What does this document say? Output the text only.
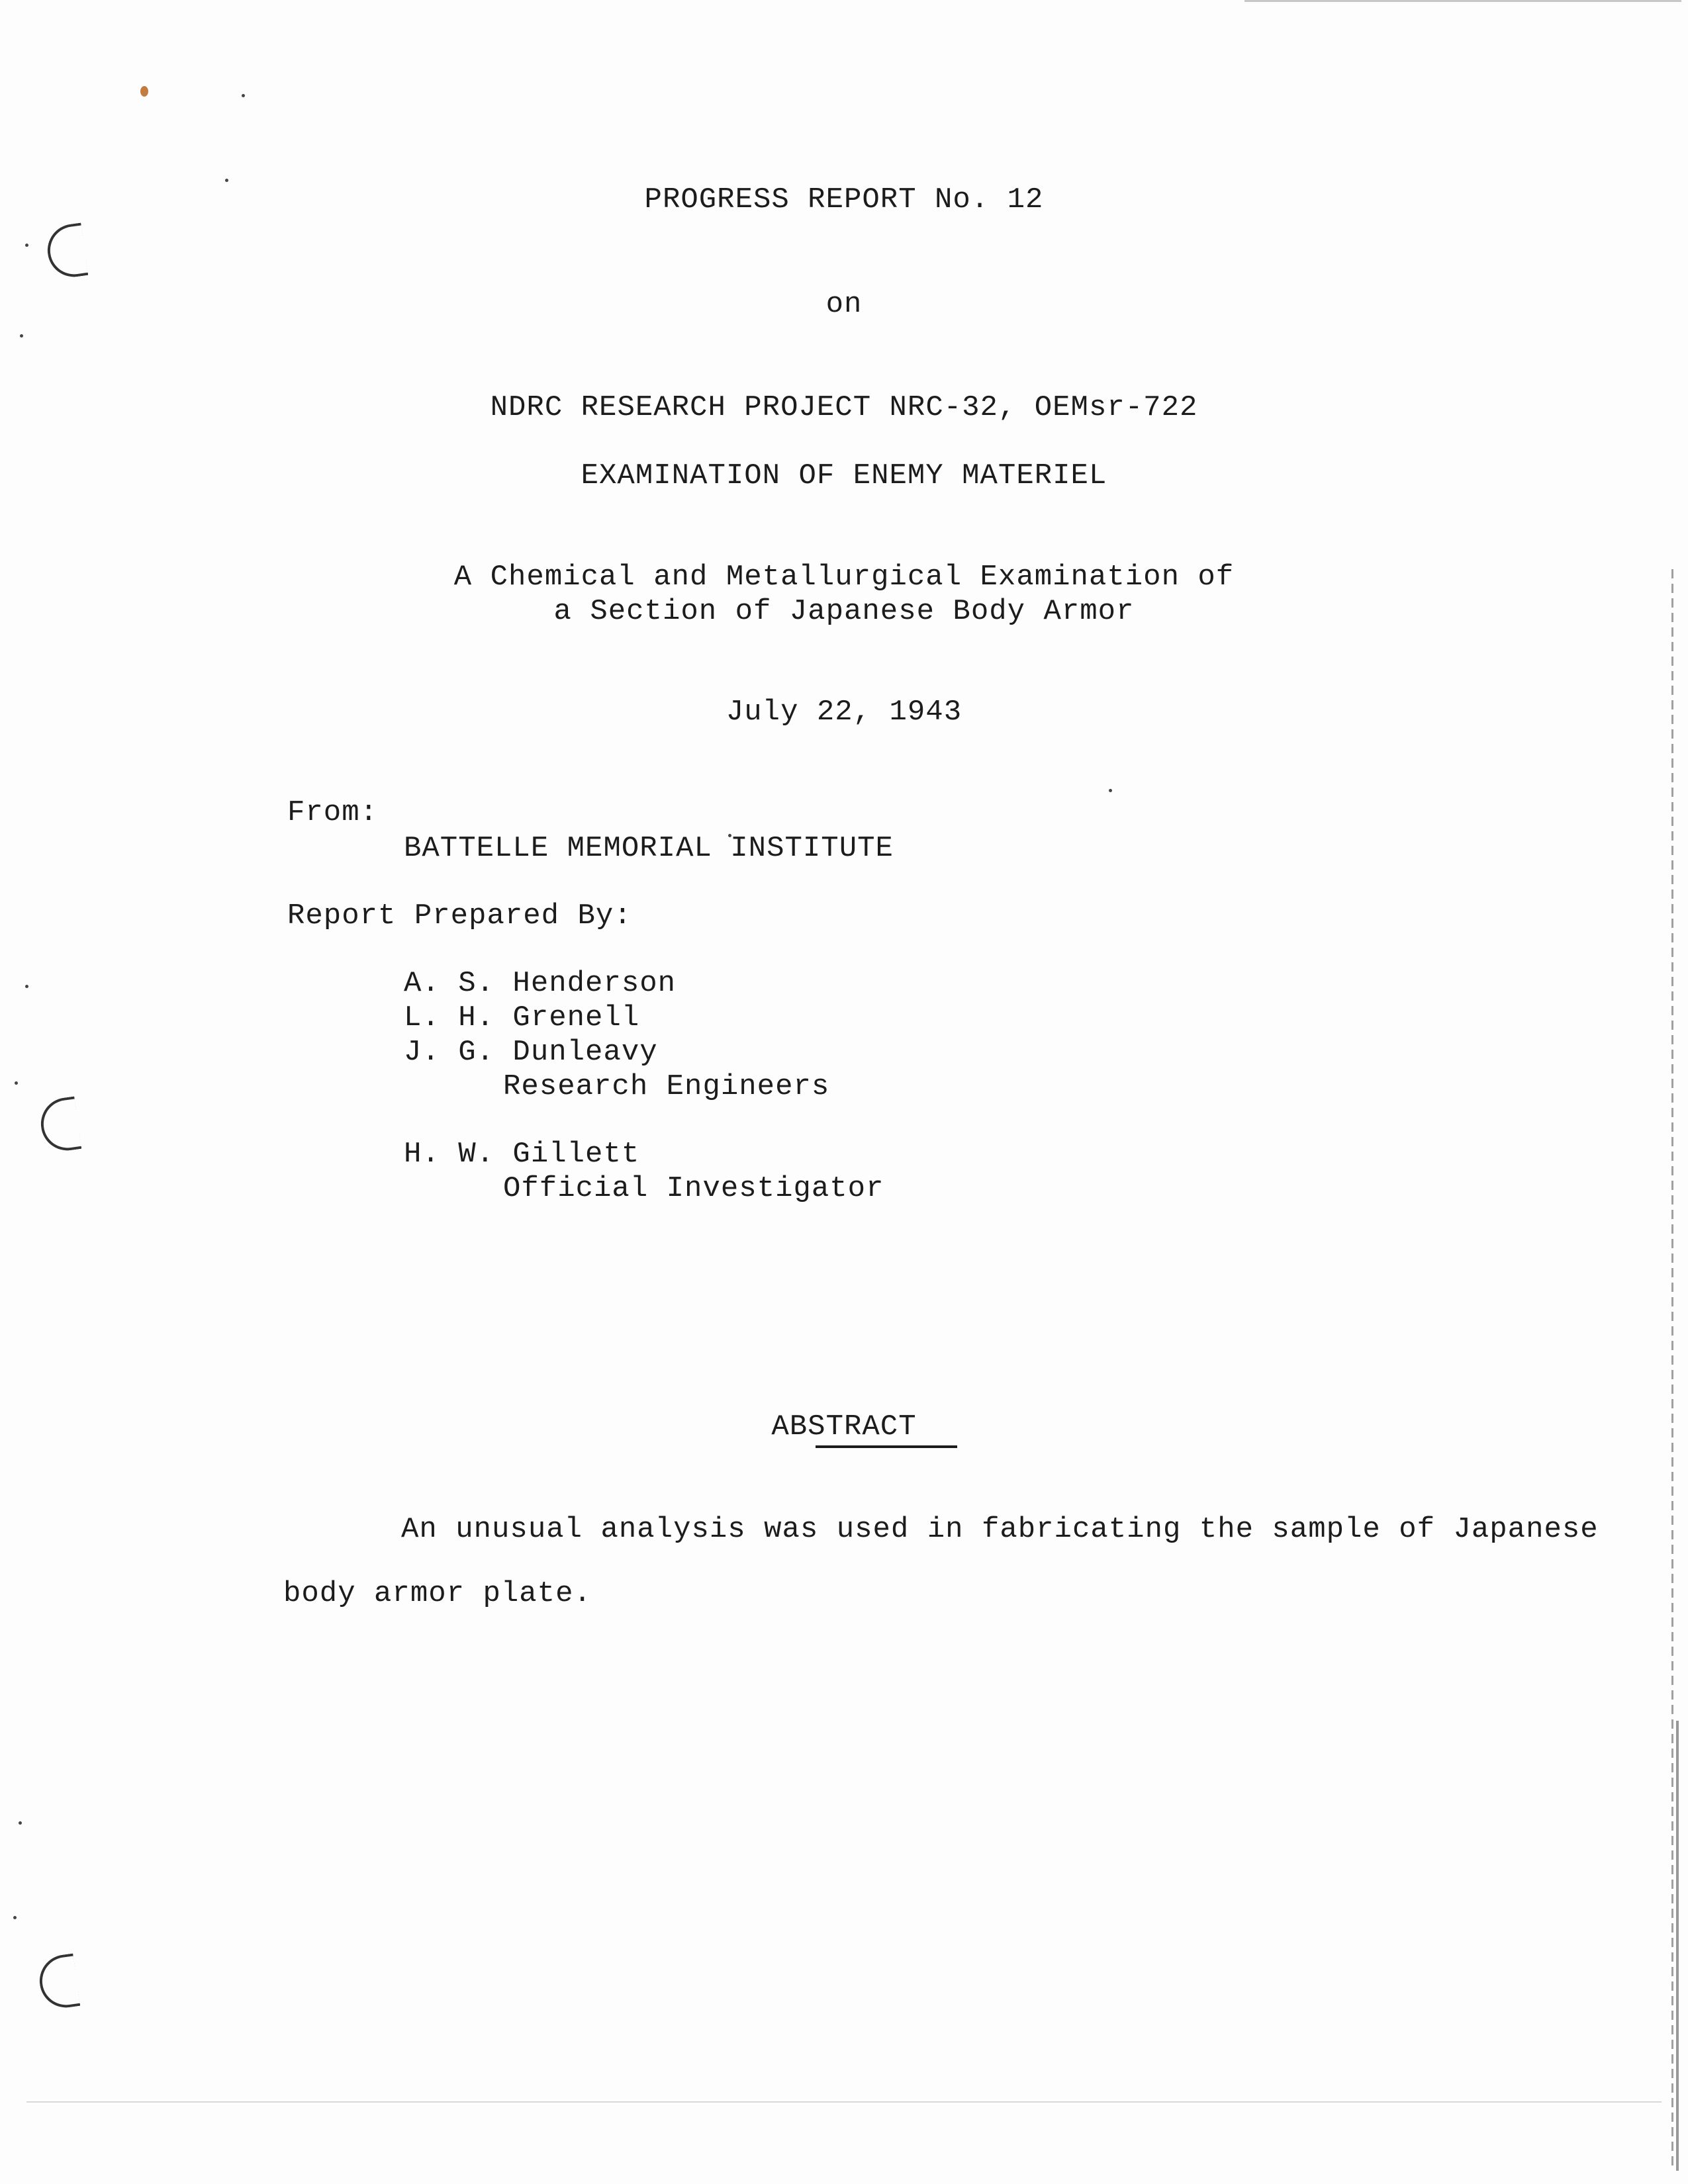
PROGRESS REPORT No. 12
on
NDRC RESEARCH PROJECT NRC-32, OEMsr-722
EXAMINATION OF ENEMY MATERIEL
A Chemical and Metallurgical Examination of
a Section of Japanese Body Armor
July 22, 1943
From:
BATTELLE MEMORIAL INSTITUTE
Report Prepared By:
A. S. Henderson
L. H. Grenell
J. G. Dunleavy
Research Engineers
H. W. Gillett
Official Investigator
ABSTRACT
An unusual analysis was used in fabricating the sample of Japanese
body armor plate.
